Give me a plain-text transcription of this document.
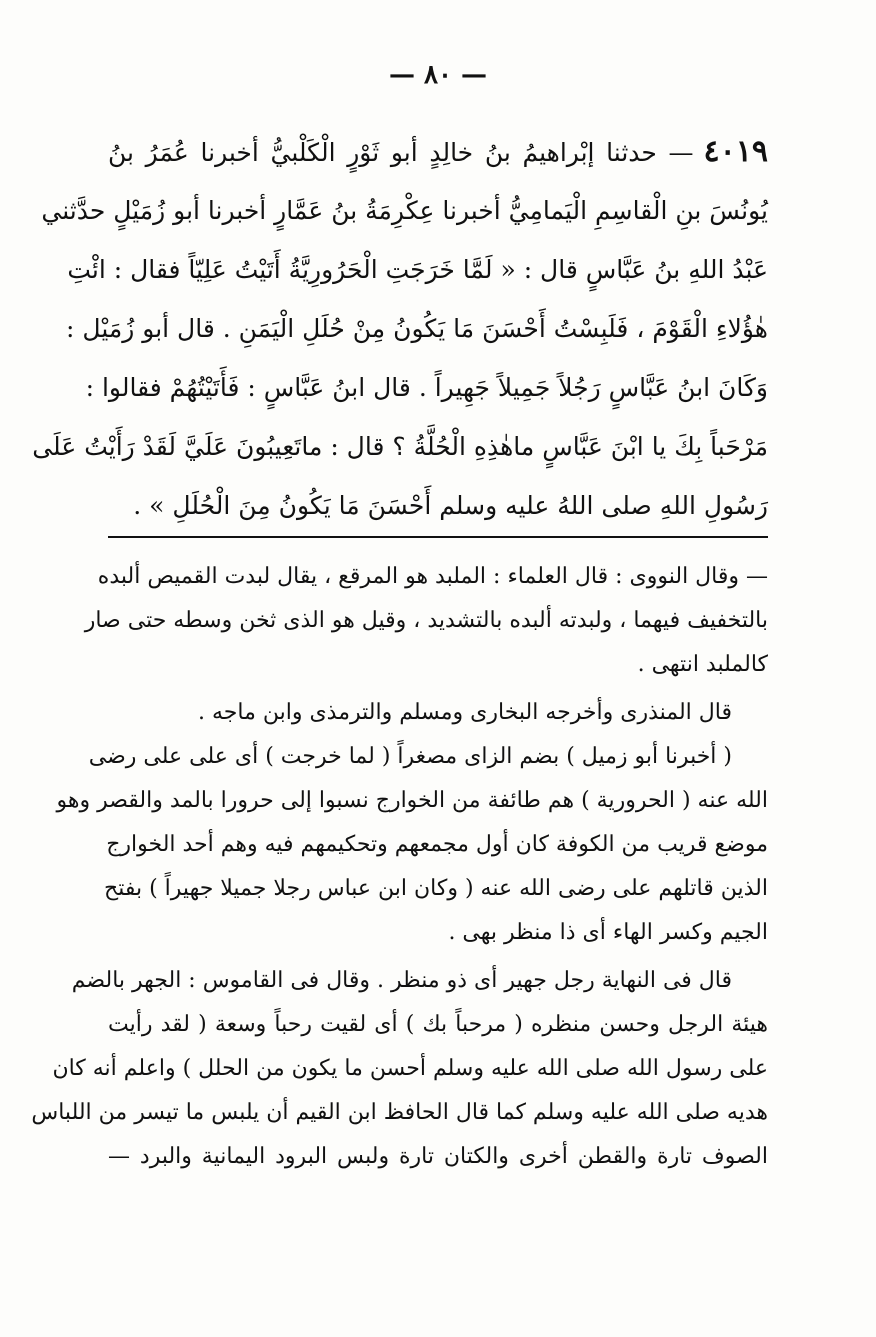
— ٨٠ —
٤٠١٩— حدثنا إبْراهيمُ بنُ خالِدٍ أبو ثَوْرٍ الْكَلْبيُّ أخبرنا عُمَرُ بنُ
يُونُسَ بنِ الْقاسِمِ الْيَمامِيُّ أخبرنا عِكْرِمَةُ بنُ عَمَّارٍ أخبرنا أبو زُمَيْلٍ حدَّثني
عَبْدُ اللهِ بنُ عَبَّاسٍ قال : « لَمَّا خَرَجَتِ الْحَرُورِيَّةُ أَتَيْتُ عَلِيّاً فقال : ائْتِ
هٰؤُلاءِ الْقَوْمَ ، فَلَبِسْتُ أَحْسَنَ مَا يَكُونُ مِنْ حُلَلِ الْيَمَنِ . قال أبو زُمَيْل :
وَكَانَ ابنُ عَبَّاسٍ رَجُلاً جَمِيلاً جَهِيراً . قال ابنُ عَبَّاسٍ : فَأَتَيْتُهُمْ فقالوا :
مَرْحَباً بِكَ يا ابْنَ عَبَّاسٍ ماهٰذِهِ الْحُلَّةُ ؟ قال : ماتَعِيبُونَ عَلَيَّ لَقَدْ رَأَيْتُ عَلَى
رَسُولِ اللهِ صلى اللهُ عليه وسلم أَحْسَنَ مَا يَكُونُ مِنَ الْحُلَلِ » .
— وقال النووى : قال العلماء : الملبد هو المرقع ، يقال لبدت القميص ألبده
بالتخفيف فيهما ، ولبدته ألبده بالتشديد ، وقيل هو الذى ثخن وسطه حتى صار
كالملبد انتهى .
قال المنذرى وأخرجه البخارى ومسلم والترمذى وابن ماجه .
( أخبرنا أبو زميل ) بضم الزاى مصغراً ( لما خرجت ) أى على على رضى
الله عنه ( الحرورية ) هم طائفة من الخوارج نسبوا إلى حرورا بالمد والقصر وهو
موضع قريب من الكوفة كان أول مجمعهم وتحكيمهم فيه وهم أحد الخوارج
الذين قاتلهم على رضى الله عنه ( وكان ابن عباس رجلا جميلا جهيراً ) بفتح
الجيم وكسر الهاء أى ذا منظر بهى .
قال فى النهاية رجل جهير أى ذو منظر . وقال فى القاموس : الجهر بالضم
هيئة الرجل وحسن منظره ( مرحباً بك ) أى لقيت رحباً وسعة ( لقد رأيت
على رسول الله صلى الله عليه وسلم أحسن ما يكون من الحلل ) واعلم أنه كان
هديه صلى الله عليه وسلم كما قال الحافظ ابن القيم أن يلبس ما تيسر من اللباس
الصوف تارة والقطن أخرى والكتان تارة ولبس البرود اليمانية والبرد —
